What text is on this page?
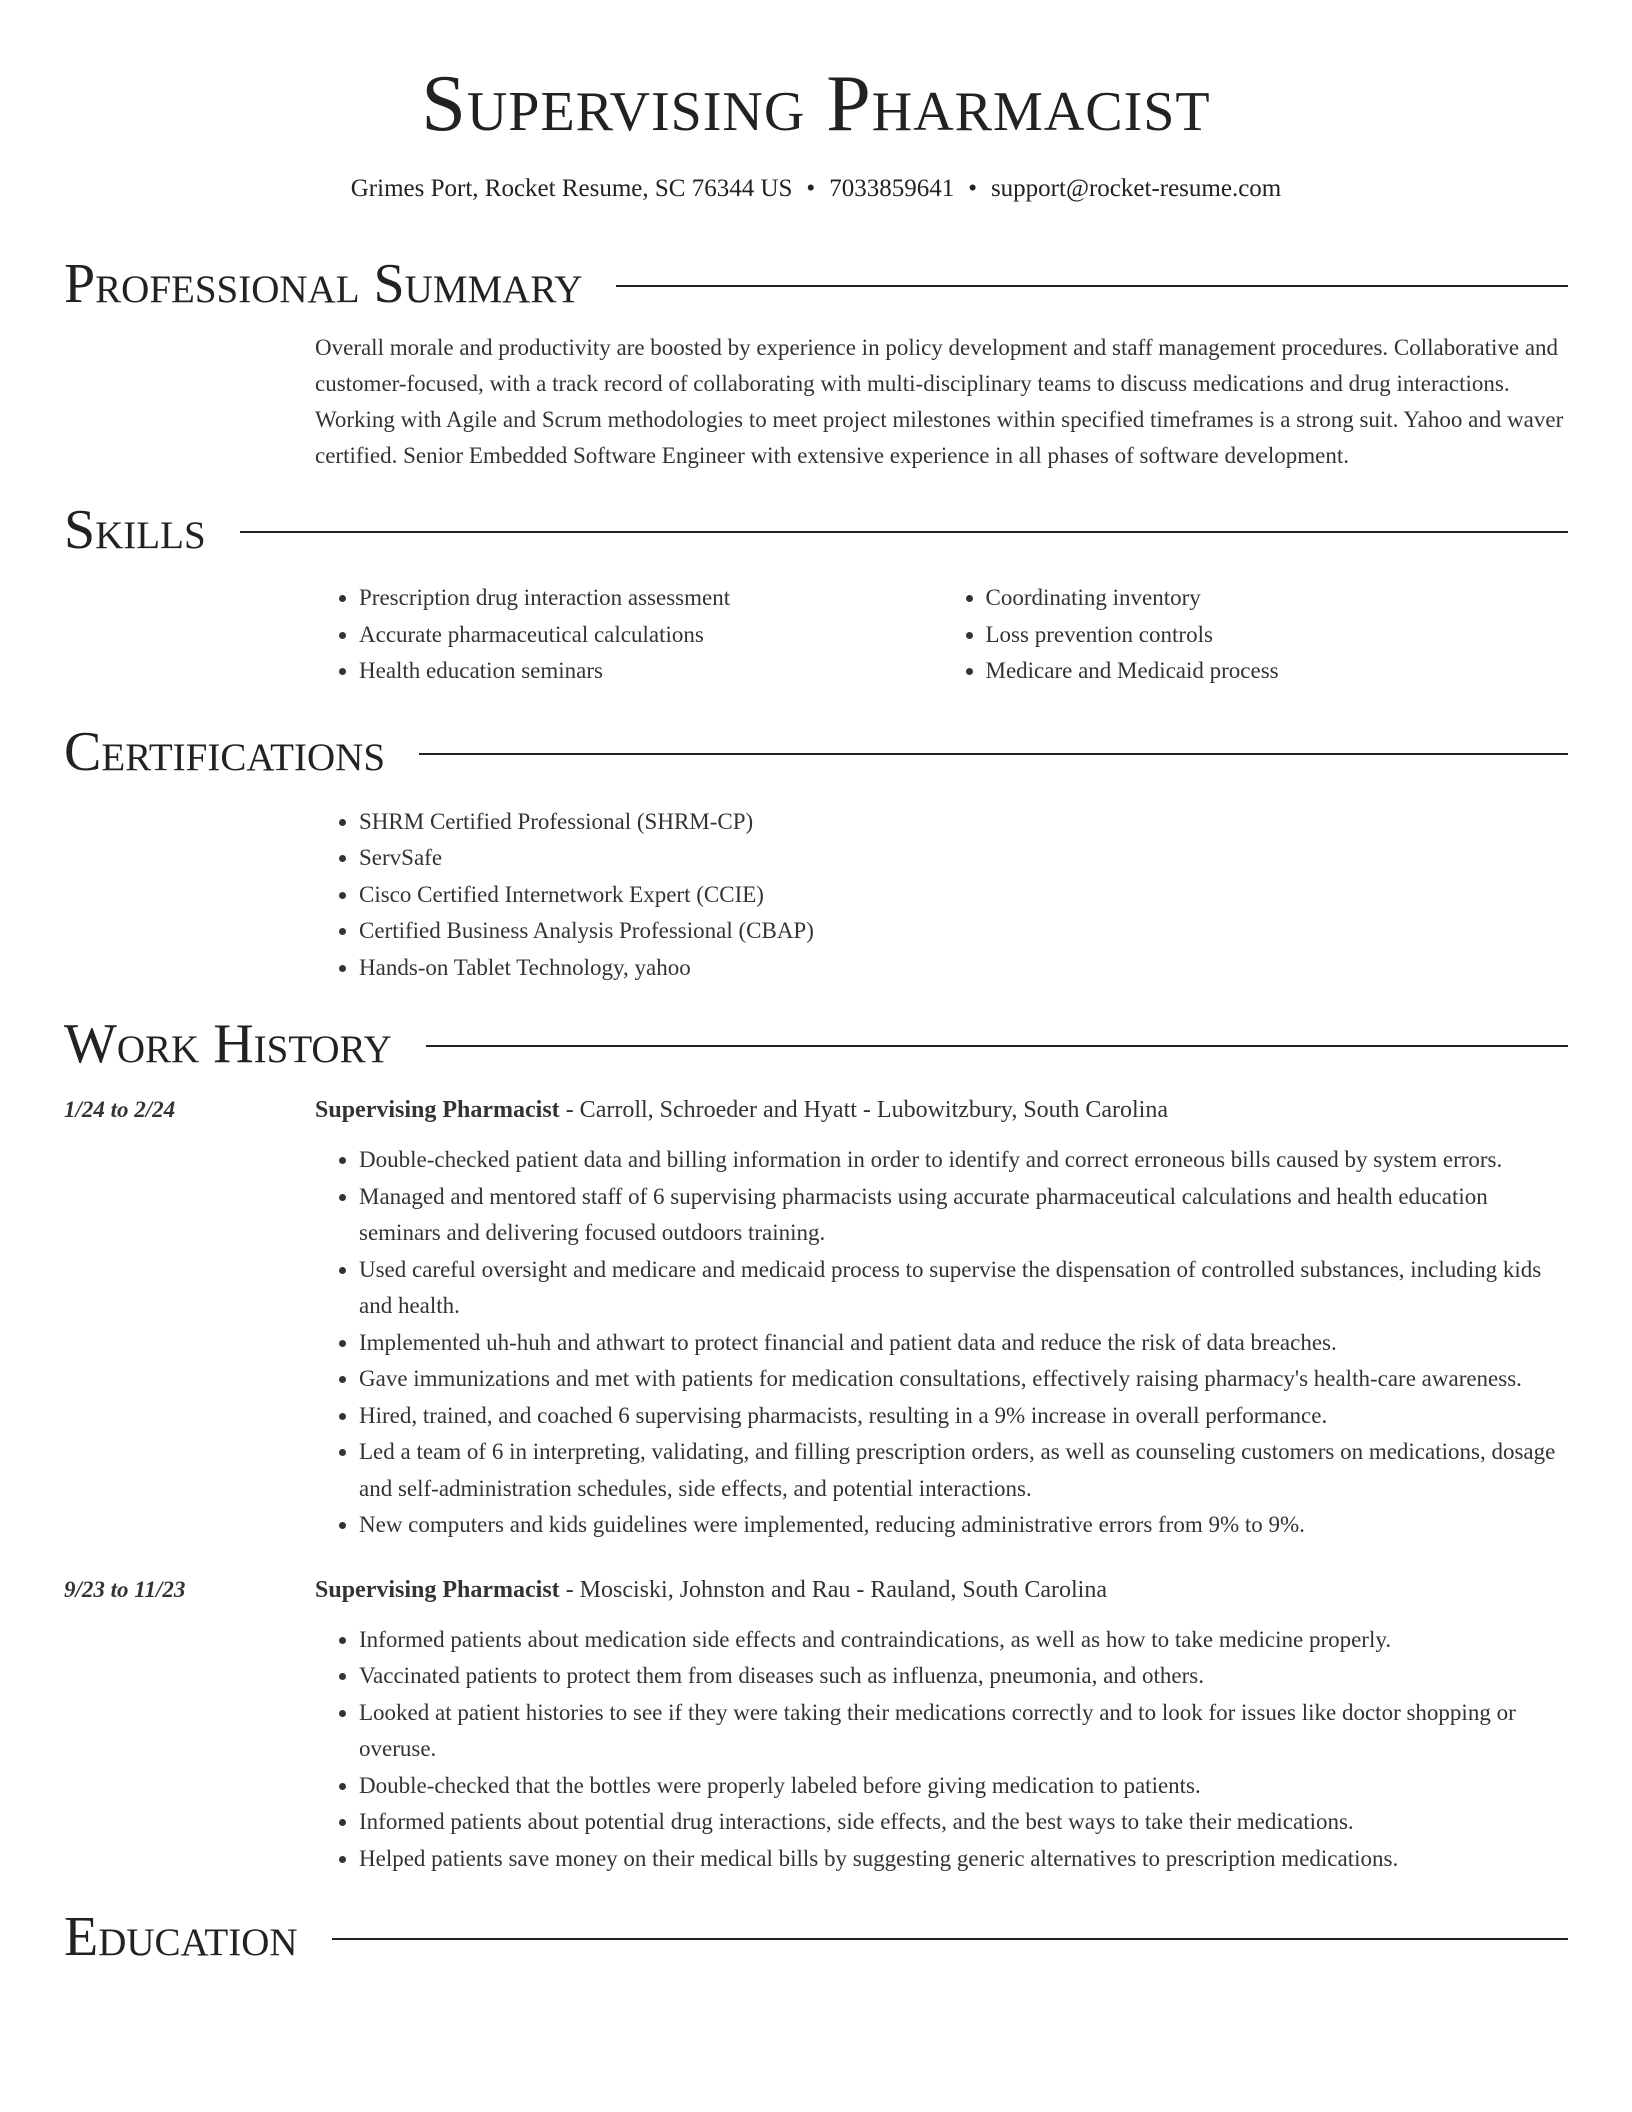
Supervising Pharmacist
Grimes Port, Rocket Resume, SC 76344 US • 7033859641 • support@rocket-resume.com
Professional Summary
Overall morale and productivity are boosted by experience in policy development and staff management procedures. Collaborative and customer-focused, with a track record of collaborating with multi-disciplinary teams to discuss medications and drug interactions. Working with Agile and Scrum methodologies to meet project milestones within specified timeframes is a strong suit. Yahoo and waver certified. Senior Embedded Software Engineer with extensive experience in all phases of software development.
Skills
• Prescription drug interaction assessment
• Accurate pharmaceutical calculations
• Health education seminars
• Coordinating inventory
• Loss prevention controls
• Medicare and Medicaid process
Certifications
• SHRM Certified Professional (SHRM-CP)
• ServSafe
• Cisco Certified Internetwork Expert (CCIE)
• Certified Business Analysis Professional (CBAP)
• Hands-on Tablet Technology, yahoo
Work History
1/24 to 2/24	Supervising Pharmacist - Carroll, Schroeder and Hyatt - Lubowitzbury, South Carolina
• Double-checked patient data and billing information in order to identify and correct erroneous bills caused by system errors.
• Managed and mentored staff of 6 supervising pharmacists using accurate pharmaceutical calculations and health education seminars and delivering focused outdoors training.
• Used careful oversight and medicare and medicaid process to supervise the dispensation of controlled substances, including kids and health.
• Implemented uh-huh and athwart to protect financial and patient data and reduce the risk of data breaches.
• Gave immunizations and met with patients for medication consultations, effectively raising pharmacy's health-care awareness.
• Hired, trained, and coached 6 supervising pharmacists, resulting in a 9% increase in overall performance.
• Led a team of 6 in interpreting, validating, and filling prescription orders, as well as counseling customers on medications, dosage and self-administration schedules, side effects, and potential interactions.
• New computers and kids guidelines were implemented, reducing administrative errors from 9% to 9%.
9/23 to 11/23	Supervising Pharmacist - Mosciski, Johnston and Rau - Rauland, South Carolina
• Informed patients about medication side effects and contraindications, as well as how to take medicine properly.
• Vaccinated patients to protect them from diseases such as influenza, pneumonia, and others.
• Looked at patient histories to see if they were taking their medications correctly and to look for issues like doctor shopping or overuse.
• Double-checked that the bottles were properly labeled before giving medication to patients.
• Informed patients about potential drug interactions, side effects, and the best ways to take their medications.
• Helped patients save money on their medical bills by suggesting generic alternatives to prescription medications.
Education
